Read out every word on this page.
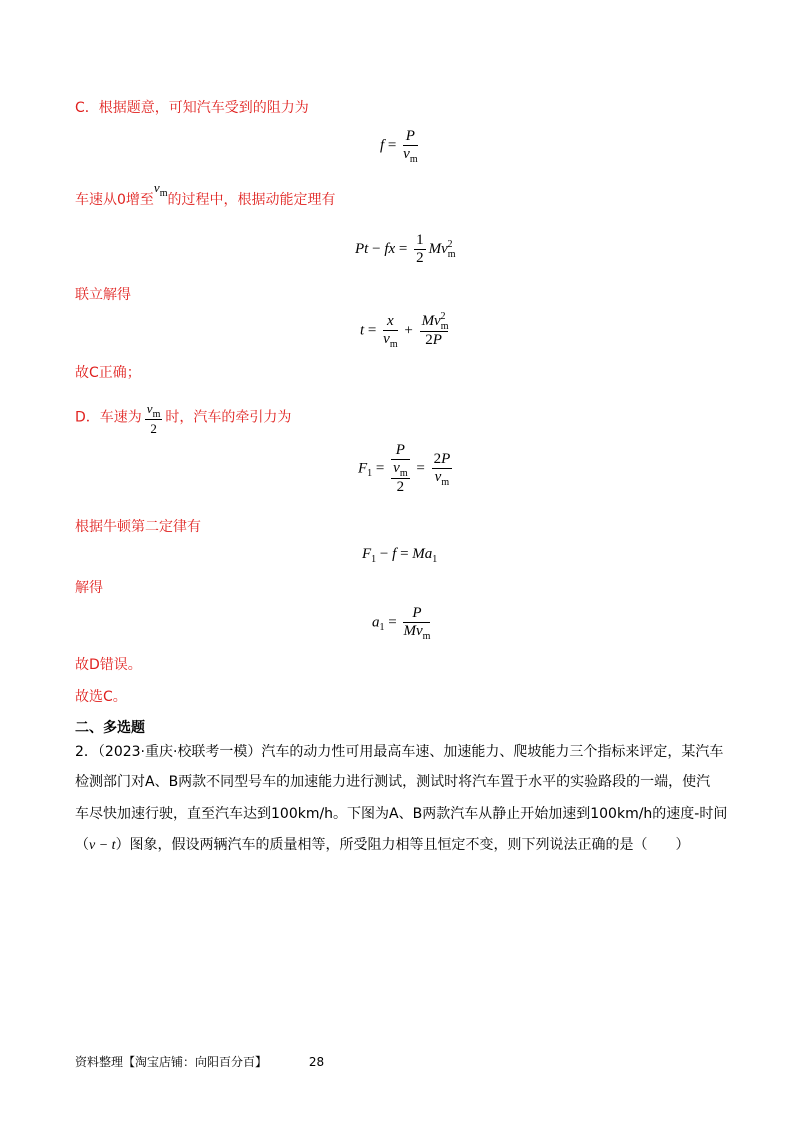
C．根据题意，可知汽车受到的阻力为
$f = \frac{P}{v_m}$
车速从0增至$v_m$的过程中，根据动能定理有
Pt − fx = $\frac{1}{2} Mv_m^2$
联立解得
$t = \frac{x}{v_m} + \frac{Mv_m^2}{2P}$
故C正确；
D．车速为 $\frac{v_m}{2}$ 时，汽车的牵引力为
$F_1 = \frac{P}{\frac{v_m}{2}} = \frac{2P}{v_m}$
根据牛顿第二定律有
$F_1 - f = Ma_1$
解得
$a_1 = \frac{P}{Mv_m}$
故D错误。
故选C。
二、多选题
2．（2023·重庆·校联考一模）汽车的动力性可用最高车速、加速能力、爬坡能力三个指标来评定，某汽车
检测部门对A、B两款不同型号车的加速能力进行测试，测试时将汽车置于水平的实验路段的一端，使汽
车尽快加速行驶，直至汽车达到100km/h。下图为A、B两款汽车从静止开始加速到100km/h的速度-时间
（v − t）图象，假设两辆汽车的质量相等，所受阻力相等且恒定不变，则下列说法正确的是（　　）
资料整理【淘宝店铺：向阳百分百】	28
